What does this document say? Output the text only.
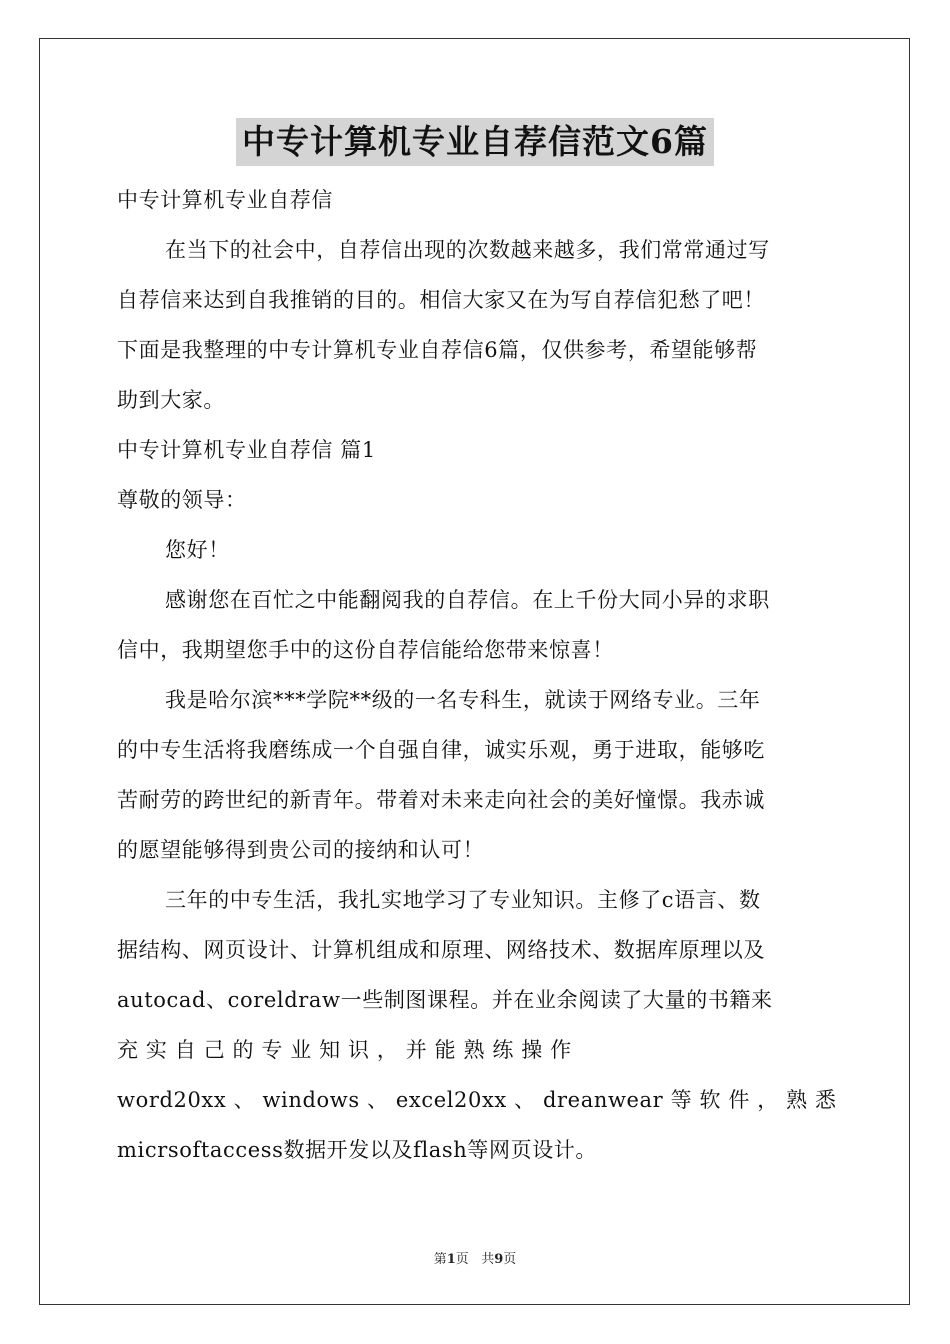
中专计算机专业自荐信范文6篇
中专计算机专业自荐信
在当下的社会中，自荐信出现的次数越来越多，我们常常通过写
自荐信来达到自我推销的目的。相信大家又在为写自荐信犯愁了吧！
下面是我整理的中专计算机专业自荐信6篇，仅供参考，希望能够帮
助到大家。
中专计算机专业自荐信 篇1
尊敬的领导：
您好！
感谢您在百忙之中能翻阅我的自荐信。在上千份大同小异的求职
信中，我期望您手中的这份自荐信能给您带来惊喜！
我是哈尔滨***学院**级的一名专科生，就读于网络专业。三年
的中专生活将我磨练成一个自强自律，诚实乐观，勇于进取，能够吃
苦耐劳的跨世纪的新青年。带着对未来走向社会的美好憧憬。我赤诚
的愿望能够得到贵公司的接纳和认可！
三年的中专生活，我扎实地学习了专业知识。主修了c语言、数
据结构、网页设计、计算机组成和原理、网络技术、数据库原理以及
autocad、coreldraw一些制图课程。并在业余阅读了大量的书籍来
充 实 自 己 的 专 业 知 识 ， 并 能 熟 练 操 作
word20xx 、 windows 、 excel20xx 、 dreanwear 等 软 件 ， 熟 悉
micrsoftaccess数据开发以及flash等网页设计。
第1页 共9页
